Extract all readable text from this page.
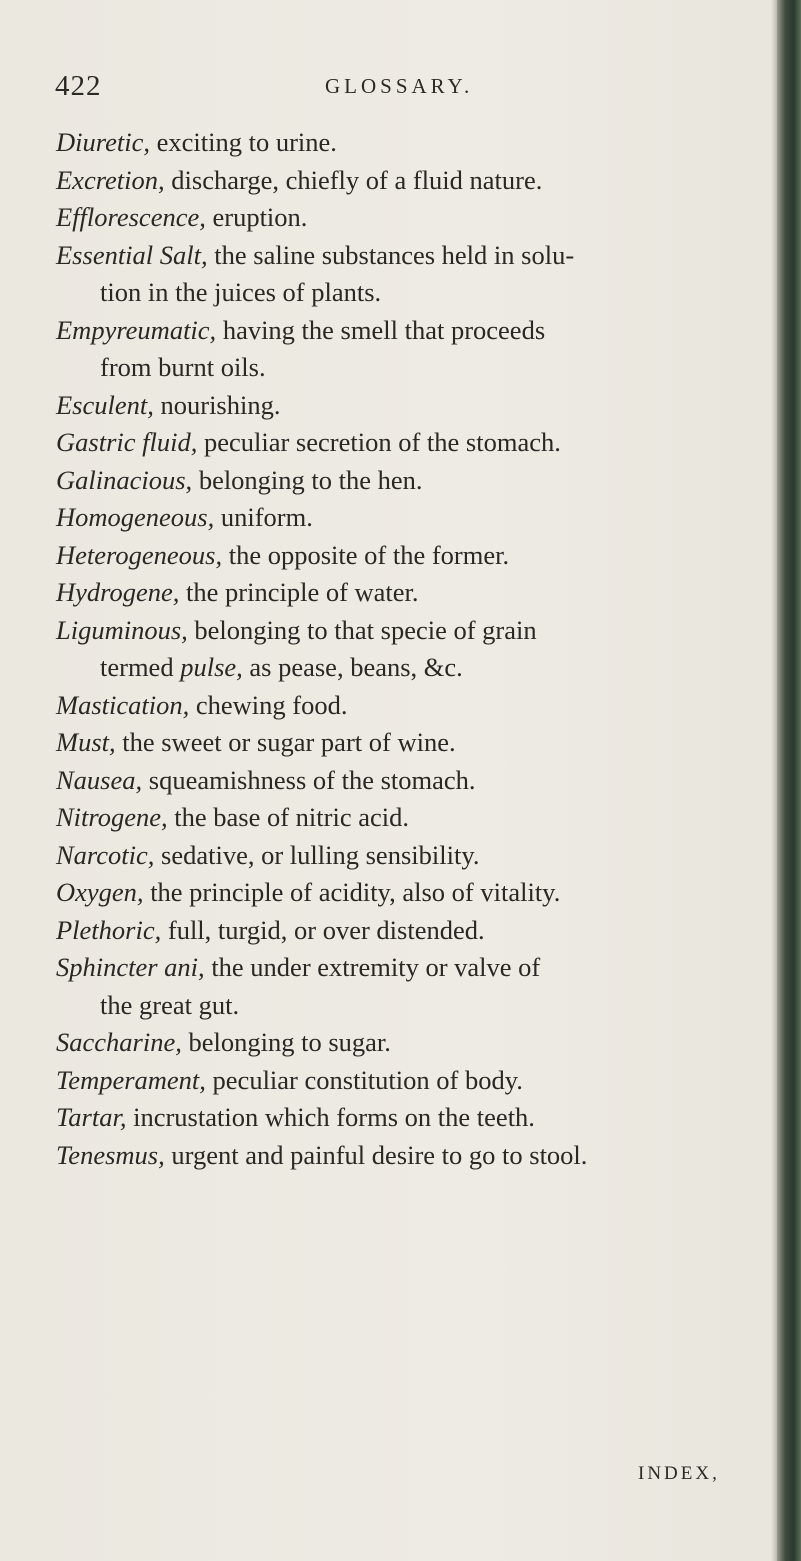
422	GLOSSARY.
Diuretic, exciting to urine.
Excretion, discharge, chiefly of a fluid nature.
Efflorescence, eruption.
Essential Salt, the saline substances held in solu-
tion in the juices of plants.
Empyreumatic, having the smell that proceeds
from burnt oils.
Esculent, nourishing.
Gastric fluid, peculiar secretion of the stomach.
Galinacious, belonging to the hen.
Homogeneous, uniform.
Heterogeneous, the opposite of the former.
Hydrogene, the principle of water.
Liguminous, belonging to that specie of grain
termed pulse, as pease, beans, &c.
Mastication, chewing food.
Must, the sweet or sugar part of wine.
Nausea, squeamishness of the stomach.
Nitrogene, the base of nitric acid.
Narcotic, sedative, or lulling sensibility.
Oxygen, the principle of acidity, also of vitality.
Plethoric, full, turgid, or over distended.
Sphincter ani, the under extremity or valve of
the great gut.
Saccharine, belonging to sugar.
Temperament, peculiar constitution of body.
Tartar, incrustation which forms on the teeth.
Tenesmus, urgent and painful desire to go to stool.
INDEX,
